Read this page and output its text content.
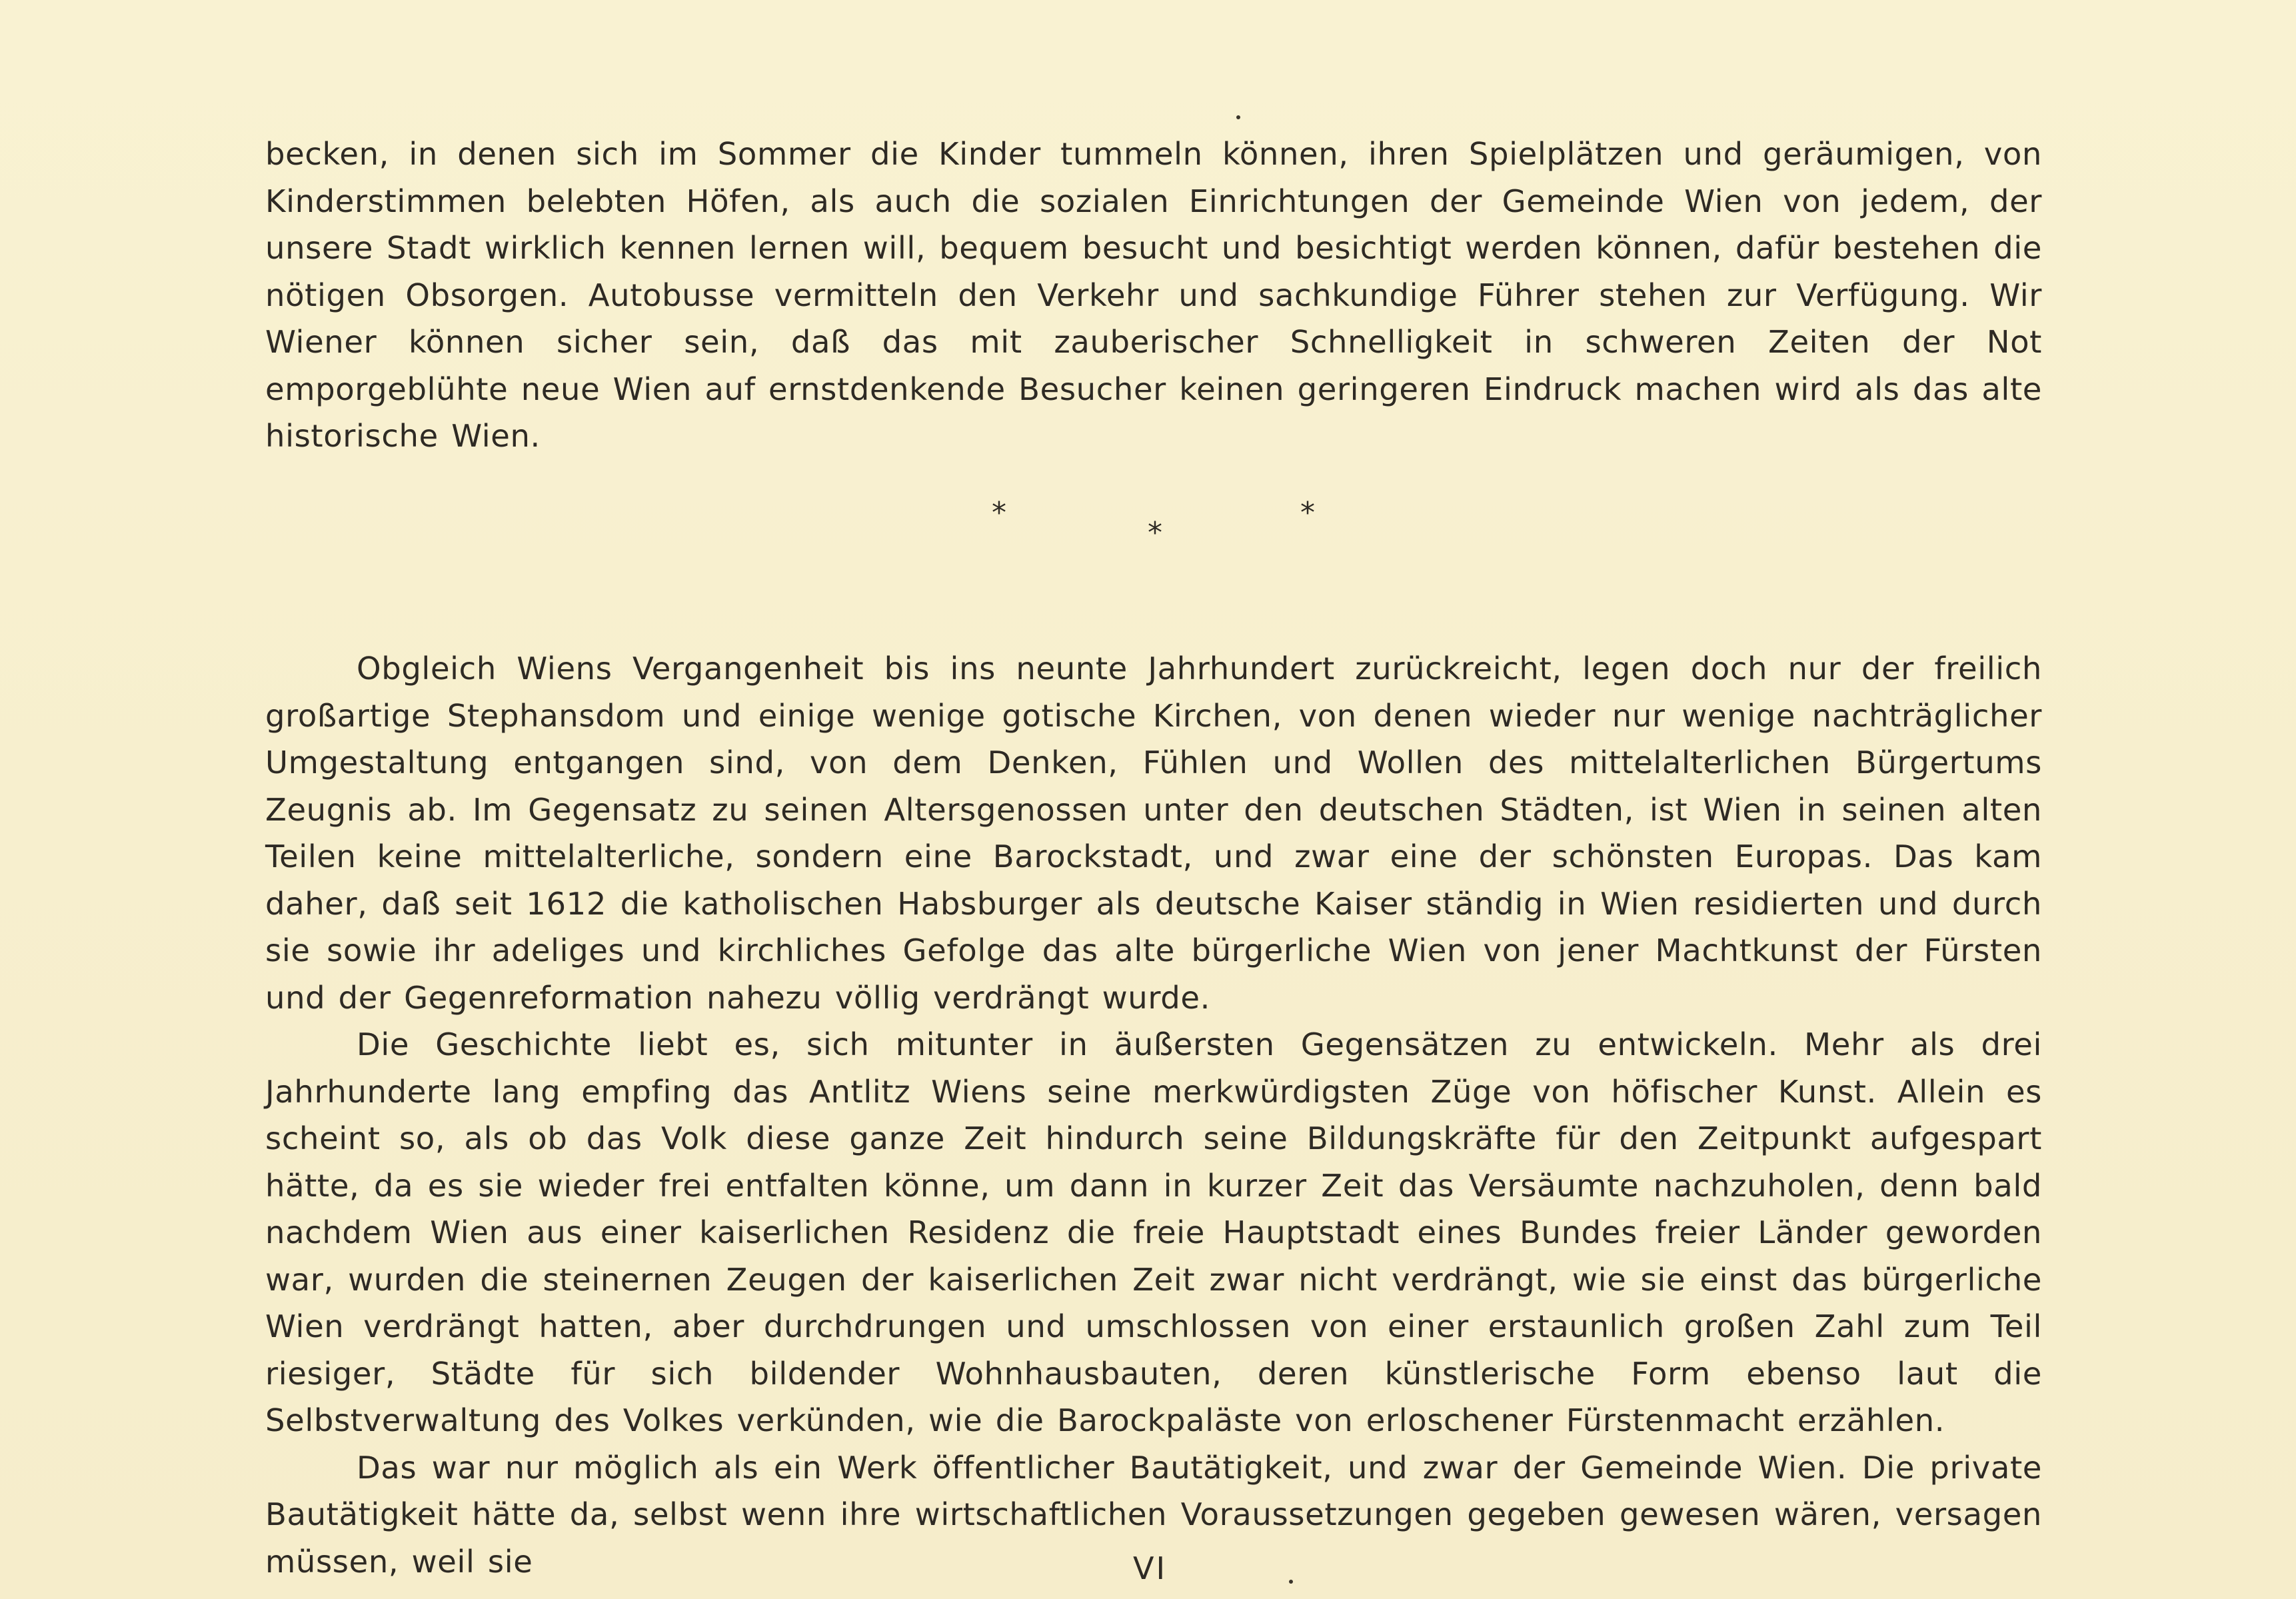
becken, in denen sich im Sommer die Kinder tummeln können, ihren Spielplätzen und geräumigen, von Kinderstimmen belebten Höfen, als auch die sozialen Einrichtungen der Gemeinde Wien von jedem, der unsere Stadt wirklich kennen lernen will, bequem besucht und besichtigt werden können, dafür bestehen die nötigen Obsorgen. Autobusse vermitteln den Verkehr und sachkundige Führer stehen zur Verfügung. Wir Wiener können sicher sein, daß das mit zauberischer Schnelligkeit in schweren Zeiten der Not emporgeblühte neue Wien auf ernstdenkende Besucher keinen geringeren Eindruck machen wird als das alte historische Wien.

*
*
*

Obgleich Wiens Vergangenheit bis ins neunte Jahrhundert zurückreicht, legen doch nur der freilich großartige Stephansdom und einige wenige gotische Kirchen, von denen wieder nur wenige nachträglicher Umgestaltung entgangen sind, von dem Denken, Fühlen und Wollen des mittelalterlichen Bürgertums Zeugnis ab. Im Gegensatz zu seinen Altersgenossen unter den deutschen Städten, ist Wien in seinen alten Teilen keine mittelalterliche, sondern eine Barockstadt, und zwar eine der schönsten Europas. Das kam daher, daß seit 1612 die katholischen Habsburger als deutsche Kaiser ständig in Wien residierten und durch sie sowie ihr adeliges und kirchliches Gefolge das alte bürgerliche Wien von jener Machtkunst der Fürsten und der Gegenreformation nahezu völlig verdrängt wurde.

Die Geschichte liebt es, sich mitunter in äußersten Gegensätzen zu entwickeln. Mehr als drei Jahrhunderte lang empfing das Antlitz Wiens seine merkwürdigsten Züge von höfischer Kunst. Allein es scheint so, als ob das Volk diese ganze Zeit hindurch seine Bildungskräfte für den Zeitpunkt aufgespart hätte, da es sie wieder frei entfalten könne, um dann in kurzer Zeit das Versäumte nachzuholen, denn bald nachdem Wien aus einer kaiserlichen Residenz die freie Hauptstadt eines Bundes freier Länder geworden war, wurden die steinernen Zeugen der kaiserlichen Zeit zwar nicht verdrängt, wie sie einst das bürgerliche Wien verdrängt hatten, aber durchdrungen und umschlossen von einer erstaunlich großen Zahl zum Teil riesiger, Städte für sich bildender Wohnhausbauten, deren künstlerische Form ebenso laut die Selbstverwaltung des Volkes verkünden, wie die Barockpaläste von erloschener Fürstenmacht erzählen.

Das war nur möglich als ein Werk öffentlicher Bautätigkeit, und zwar der Gemeinde Wien. Die private Bautätigkeit hätte da, selbst wenn ihre wirtschaftlichen Voraussetzungen gegeben gewesen wären, versagen müssen, weil sie	VI
